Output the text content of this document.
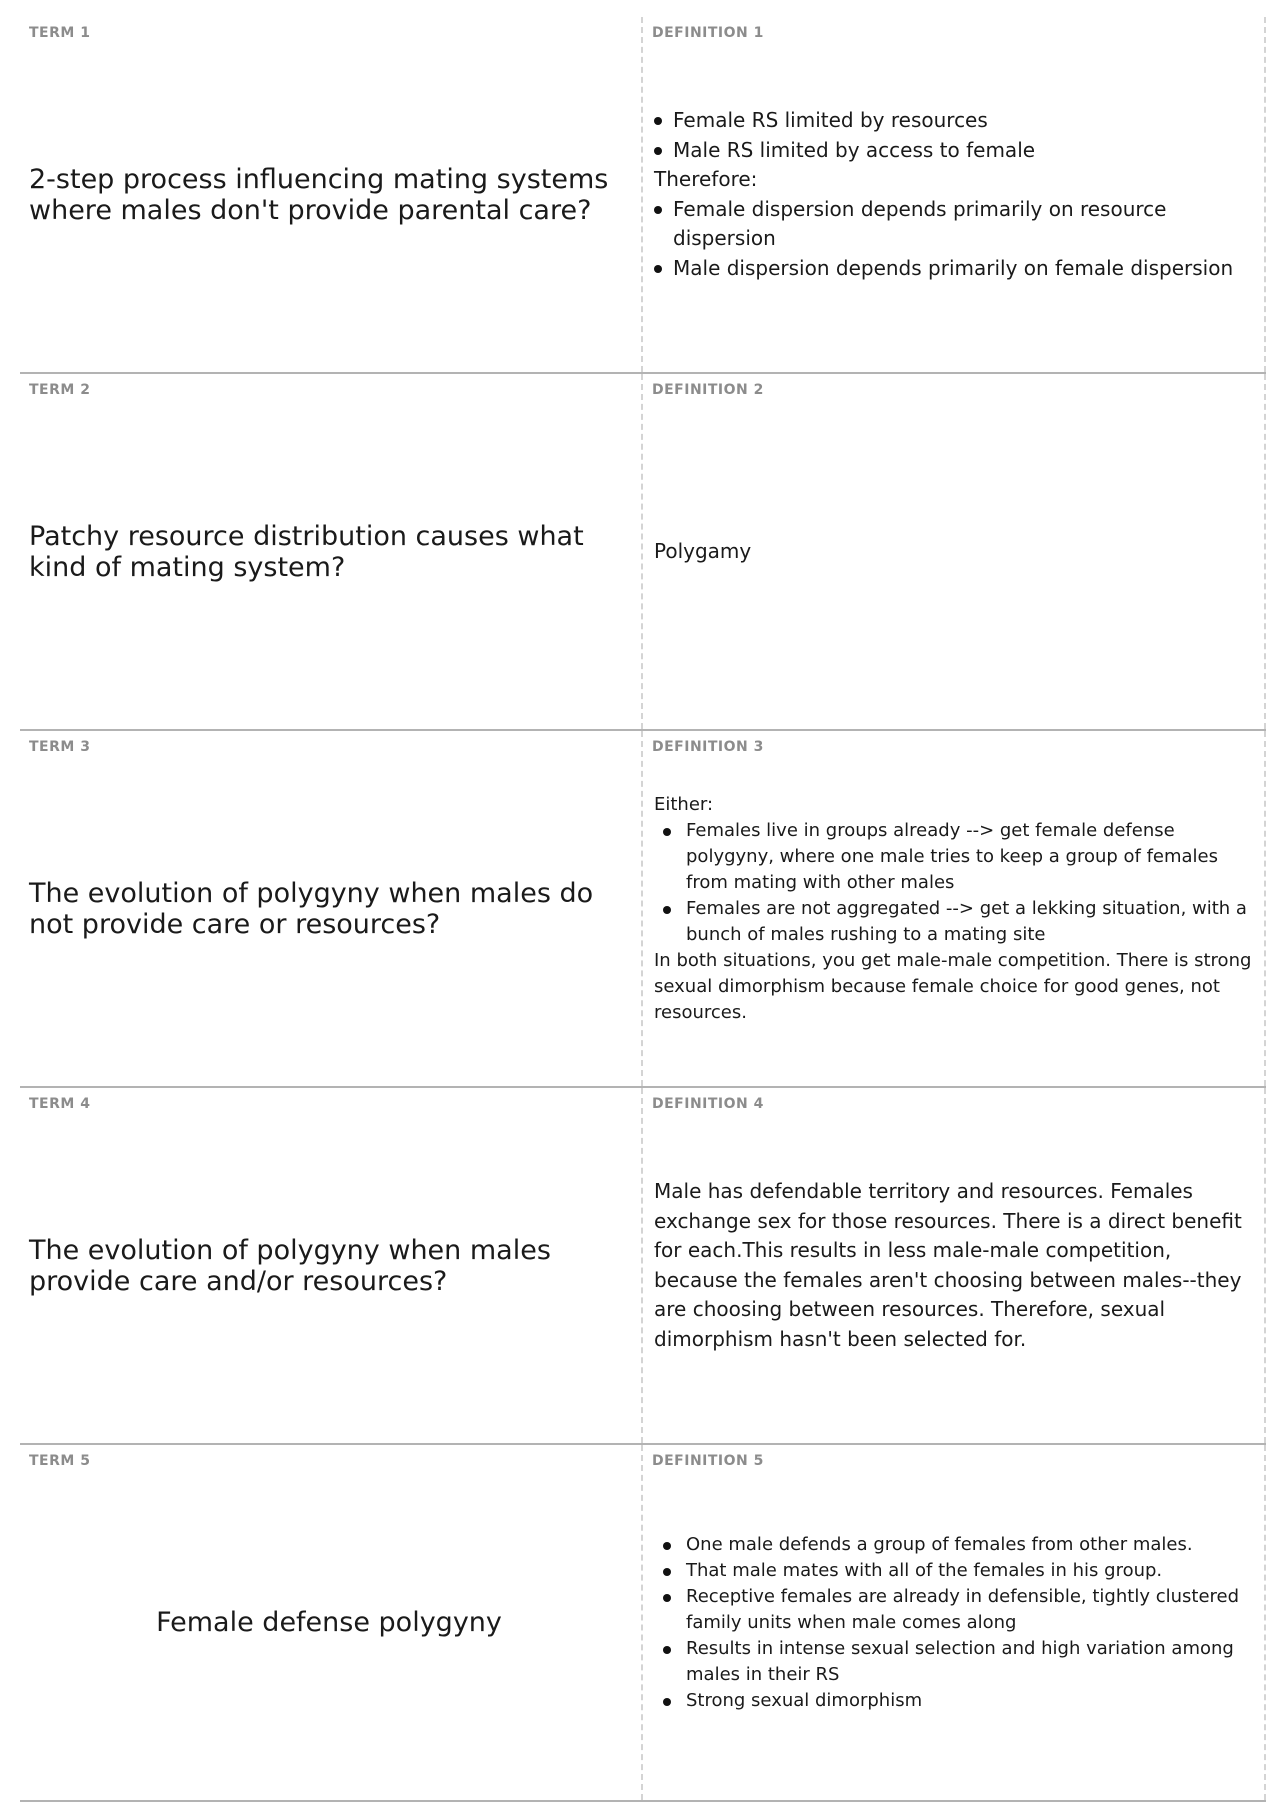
TERM 1
2-step process influencing mating systems where males don't provide parental care?
DEFINITION 1
Female RS limited by resources
Male RS limited by access to female
Therefore:
Female dispersion depends primarily on resource dispersion
Male dispersion depends primarily on female dispersion
TERM 2
Patchy resource distribution causes what kind of mating system?
DEFINITION 2
Polygamy
TERM 3
The evolution of polygyny when males do not provide care or resources?
DEFINITION 3
Either:
Females live in groups already --> get female defense polygyny, where one male tries to keep a group of females from mating with other males
Females are not aggregated --> get a lekking situation, with a bunch of males rushing to a mating site
In both situations, you get male-male competition. There is strong sexual dimorphism because female choice for good genes, not resources.
TERM 4
The evolution of polygyny when males provide care and/or resources?
DEFINITION 4
Male has defendable territory and resources. Females exchange sex for those resources. There is a direct benefit for each.This results in less male-male competition, because the females aren't choosing between males--they are choosing between resources. Therefore, sexual dimorphism hasn't been selected for.
TERM 5
Female defense polygyny
DEFINITION 5
One male defends a group of females from other males.
That male mates with all of the females in his group.
Receptive females are already in defensible, tightly clustered family units when male comes along
Results in intense sexual selection and high variation among males in their RS
Strong sexual dimorphism
